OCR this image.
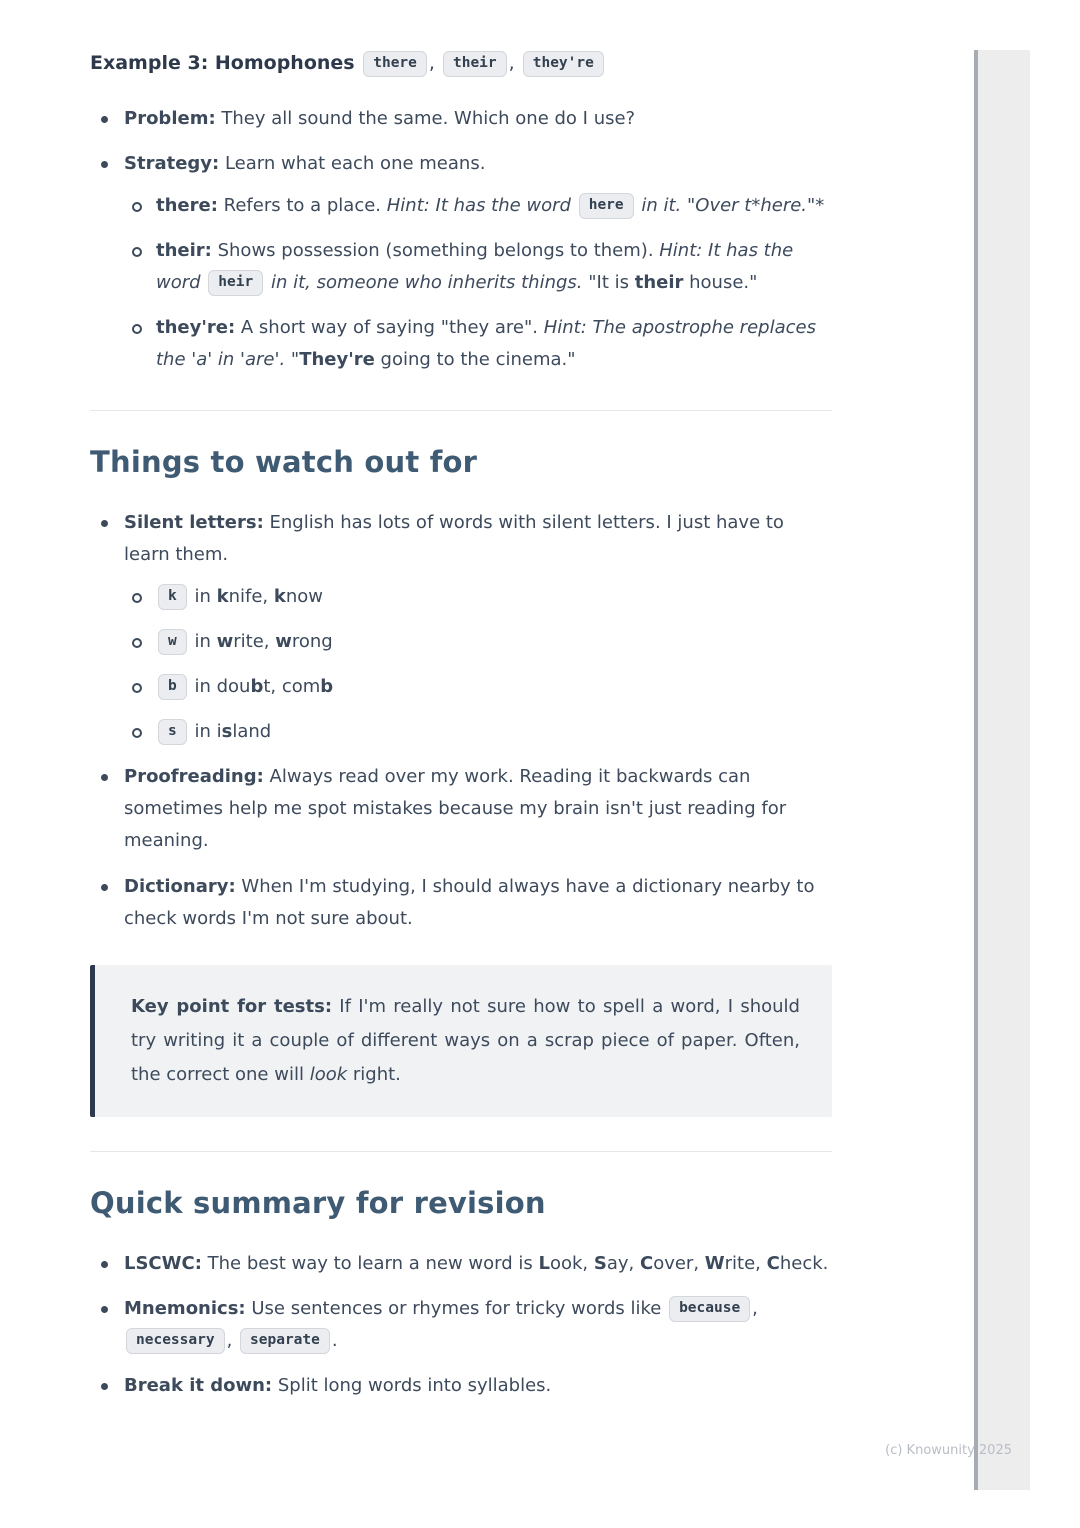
Example 3: Homophones there , their , they're
Problem: They all sound the same. Which one do I use?
Strategy: Learn what each one means.
there: Refers to a place. Hint: It has the word here in it. "Over t*here."*
their: Shows possession (something belongs to them). Hint: It has the word heir in it, someone who inherits things. "It is their house."
they're: A short way of saying "they are". Hint: The apostrophe replaces the 'a' in 'are'. "They're going to the cinema."
Things to watch out for
Silent letters: English has lots of words with silent letters. I just have to learn them.
k in knife, know
w in write, wrong
b in doubt, comb
s in island
Proofreading: Always read over my work. Reading it backwards can sometimes help me spot mistakes because my brain isn't just reading for meaning.
Dictionary: When I'm studying, I should always have a dictionary nearby to check words I'm not sure about.
Key point for tests: If I'm really not sure how to spell a word, I should try writing it a couple of different ways on a scrap piece of paper. Often, the correct one will look right.
Quick summary for revision
LSCWC: The best way to learn a new word is Look, Say, Cover, Write, Check.
Mnemonics: Use sentences or rhymes for tricky words like because , necessary , separate .
Break it down: Split long words into syllables.
(c) Knowunity 2025
